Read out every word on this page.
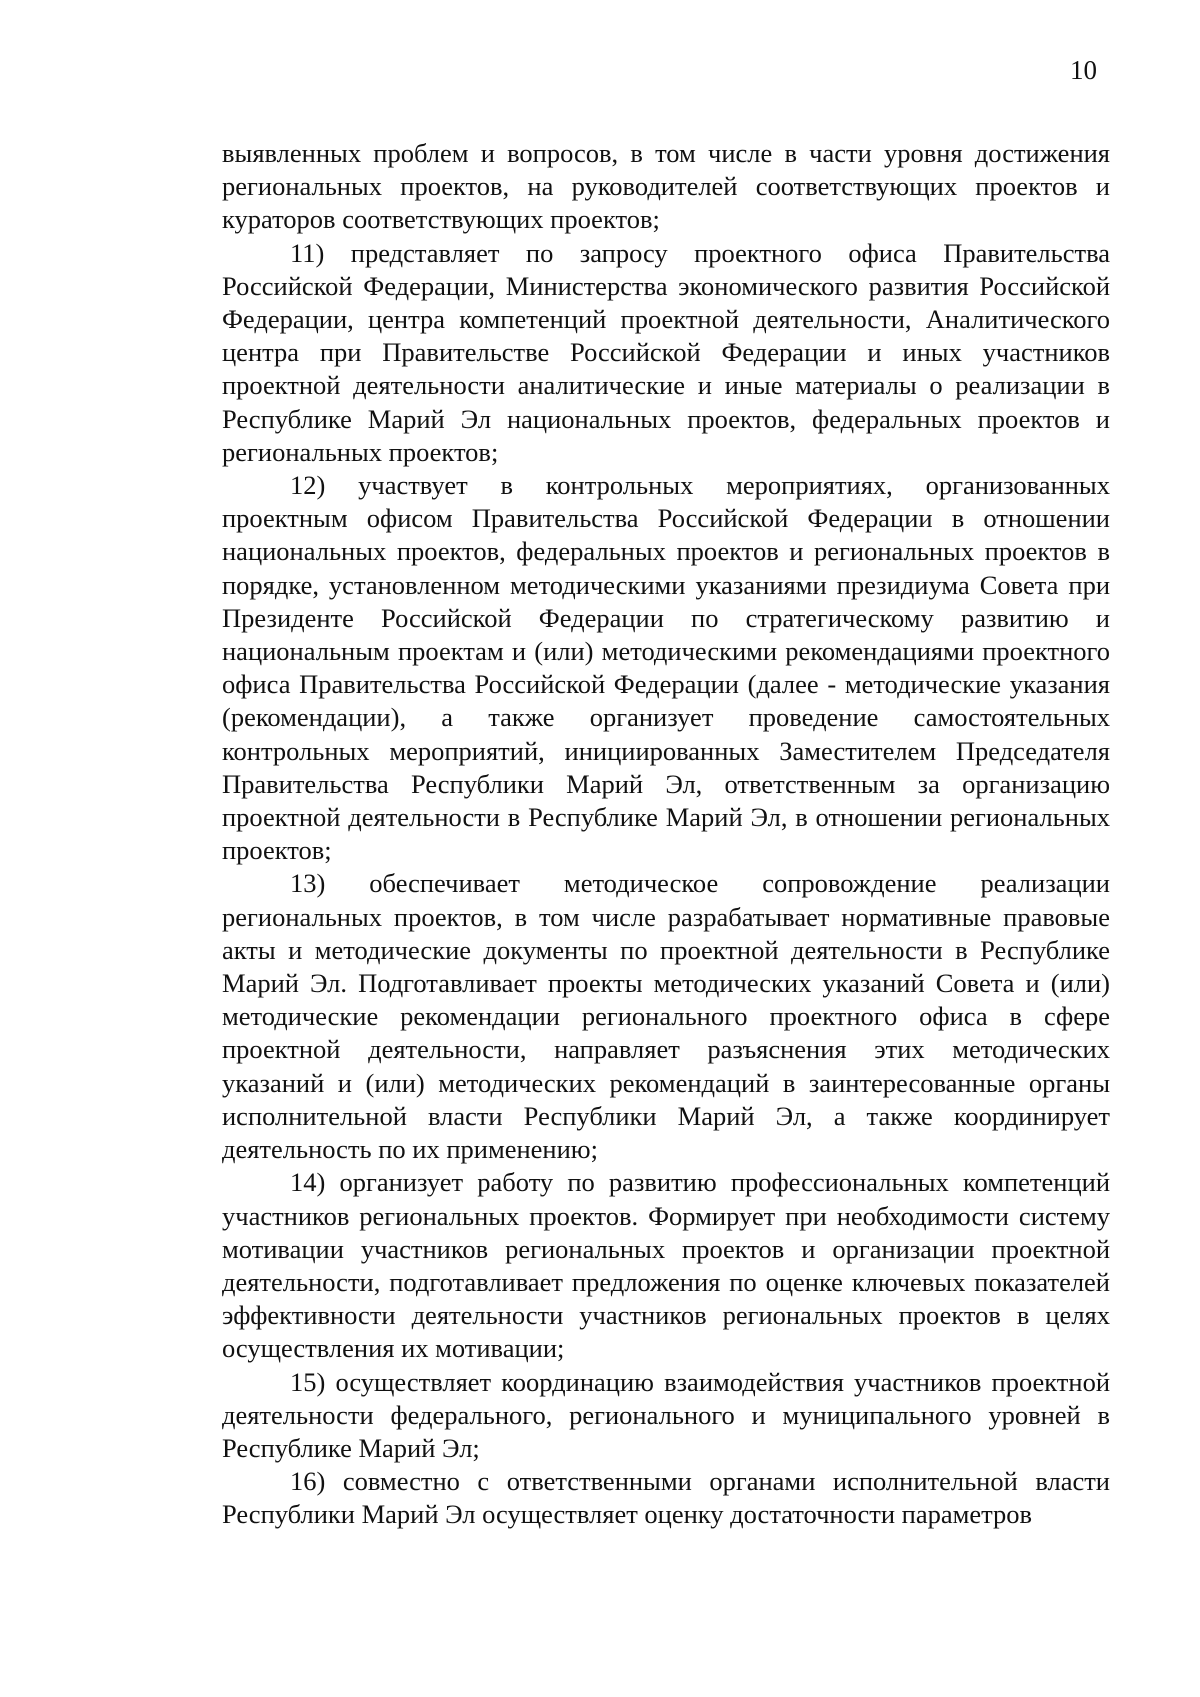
10

выявленных проблем и вопросов, в том числе в части уровня достижения региональных проектов, на руководителей соответствующих проектов и кураторов соответствующих проектов;

11) представляет по запросу проектного офиса Правительства Российской Федерации, Министерства экономического развития Российской Федерации, центра компетенций проектной деятельности, Аналитического центра при Правительстве Российской Федерации и иных участников проектной деятельности аналитические и иные материалы о реализации в Республике Марий Эл национальных проектов, федеральных проектов и региональных проектов;

12) участвует в контрольных мероприятиях, организованных проектным офисом Правительства Российской Федерации в отношении национальных проектов, федеральных проектов и региональных проектов в порядке, установленном методическими указаниями президиума Совета при Президенте Российской Федерации по стратегическому развитию и национальным проектам и (или) методическими рекомендациями проектного офиса Правительства Российской Федерации (далее - методические указания (рекомендации), а также организует проведение самостоятельных контрольных мероприятий, инициированных Заместителем Председателя Правительства Республики Марий Эл, ответственным за организацию проектной деятельности в Республике Марий Эл, в отношении региональных проектов;

13) обеспечивает методическое сопровождение реализации региональных проектов, в том числе разрабатывает нормативные правовые акты и методические документы по проектной деятельности в Республике Марий Эл. Подготавливает проекты методических указаний Совета и (или) методические рекомендации регионального проектного офиса в сфере проектной деятельности, направляет разъяснения этих методических указаний и (или) методических рекомендаций в заинтересованные органы исполнительной власти Республики Марий Эл, а также координирует деятельность по их применению;

14) организует работу по развитию профессиональных компетенций участников региональных проектов. Формирует при необходимости систему мотивации участников региональных проектов и организации проектной деятельности, подготавливает предложения по оценке ключевых показателей эффективности деятельности участников региональных проектов в целях осуществления их мотивации;

15) осуществляет координацию взаимодействия участников проектной деятельности федерального, регионального и муниципального уровней в Республике Марий Эл;

16) совместно с ответственными органами исполнительной власти Республики Марий Эл осуществляет оценку достаточности параметров
